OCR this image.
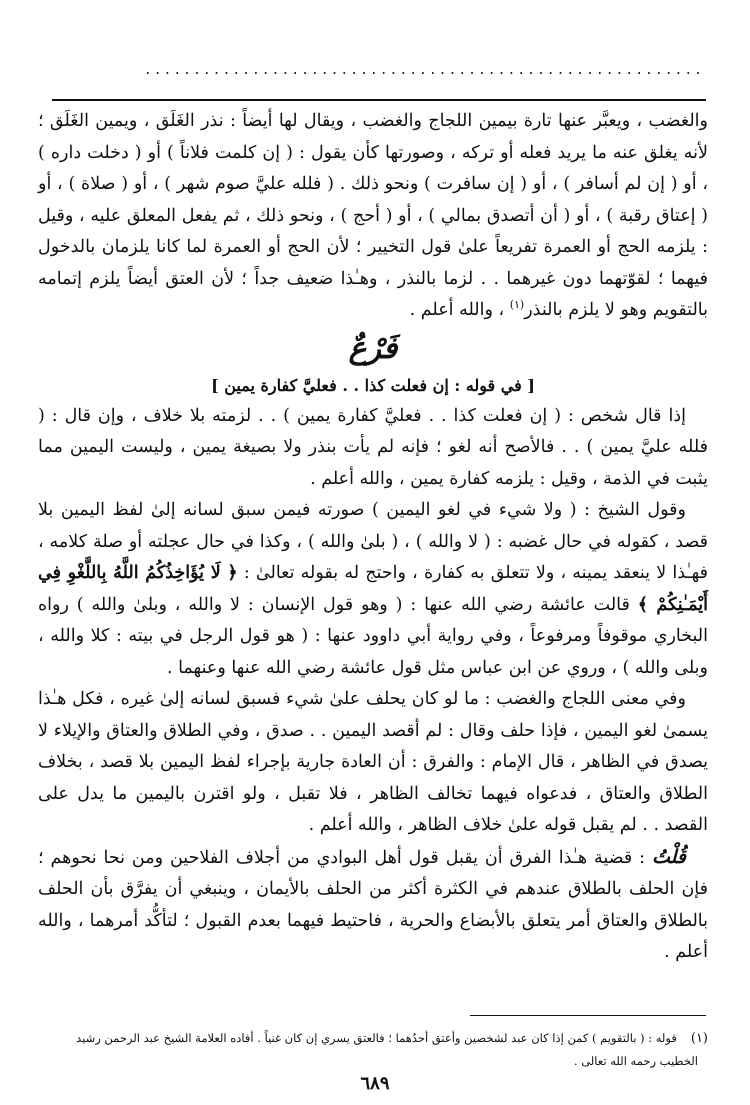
.........................................................

والغضب ، ويعبَّر عنها تارة بيمين اللجاج والغضب ، ويقال لها أيضاً : نذر الغَلَق ، ويمين الغَلَق ؛ لأنه يغلق عنه ما يريد فعله أو تركه ، وصورتها كأن يقول : ( إن كلمت فلاناً ) أو ( دخلت داره ) ، أو ( إن لم أسافر ) ، أو ( إن سافرت ) ونحو ذلك . ( فلله عليَّ صوم شهر ) ، أو ( صلاة ) ، أو ( إعتاق رقبة ) ، أو ( أن أتصدق بمالي ) ، أو ( أحج ) ، ونحو ذلك ، ثم يفعل المعلق عليه ، وقيل : يلزمه الحج أو العمرة تفريعاً علىٰ قول التخيير ؛ لأن الحج أو العمرة لما كانا يلزمان بالدخول فيهما ؛ لقوّتهما دون غيرهما . . لزما بالنذر ، وهـٰذا ضعيف جداً ؛ لأن العتق أيضاً يلزم إتمامه بالتقويم وهو لا يلزم بالنذر$^{(١)}$ ، والله أعلم .

فَرْعٌ

[ في قوله : إن فعلت كذا . . فعليَّ كفارة يمين ]

إذا قال شخص : ( إن فعلت كذا . . فعليَّ كفارة يمين ) . . لزمته بلا خلاف ، وإن قال : ( فلله عليَّ يمين ) . . فالأصح أنه لغو ؛ فإنه لم يأت بنذر ولا بصيغة يمين ، وليست اليمين مما يثبت في الذمة ، وقيل : يلزمه كفارة يمين ، والله أعلم .

وقول الشيخ : ( ولا شيء في لغو اليمين ) صورته فيمن سبق لسانه إلىٰ لفظ اليمين بلا قصد ، كقوله في حال غضبه : ( لا والله ) ، ( بلىٰ والله ) ، وكذا في حال عجلته أو صلة كلامه ، فهـٰذا لا ينعقد يمينه ، ولا تتعلق به كفارة ، واحتج له بقوله تعالىٰ : ﴿ لَا يُؤَاخِذُكُمُ اللَّهُ بِاللَّغْوِ فِي أَيْمَـٰنِكُمْ ﴾ قالت عائشة رضي الله عنها : ( وهو قول الإنسان : لا والله ، وبلىٰ والله ) رواه البخاري موقوفاً ومرفوعاً ، وفي رواية أبي داوود عنها : ( هو قول الرجل في بيته : كلا والله ، وبلى والله ) ، وروي عن ابن عباس مثل قول عائشة رضي الله عنها وعنهما .

وفي معنى اللجاج والغضب : ما لو كان يحلف علىٰ شيء فسبق لسانه إلىٰ غيره ، فكل هـٰذا يسمىٰ لغو اليمين ، فإذا حلف وقال : لم أقصد اليمين . . صدق ، وفي الطلاق والعتاق والإيلاء لا يصدق في الظاهر ، قال الإمام : والفرق : أن العادة جارية بإجراء لفظ اليمين بلا قصد ، بخلاف الطلاق والعتاق ، فدعواه فيهما تخالف الظاهر ، فلا تقبل ، ولو اقترن باليمين ما يدل على القصد . . لم يقبل قوله علىٰ خلاف الظاهر ، والله أعلم .

قُلْتُ : قضية هـٰذا الفرق أن يقبل قول أهل البوادي من أجلاف الفلاحين ومن نحا نحوهم ؛ فإن الحلف بالطلاق عندهم في الكثرة أكثر من الحلف بالأيمان ، وينبغي أن يفرَّق بأن الحلف بالطلاق والعتاق أمر يتعلق بالأبضاع والحرية ، فاحتيط فيهما بعدم القبول ؛ لتأكُّد أمرهما ، والله أعلم .

(١)قوله : ( بالتقويم ) كمن إذا كان عبد لشخصين وأعتق أحدُهما ؛ فالعتق يسري إن كان غنياً . أفاده العلامة الشيخ عبد الرحمن رشيد

الخطيب رحمه الله تعالى .

٦٨٩
